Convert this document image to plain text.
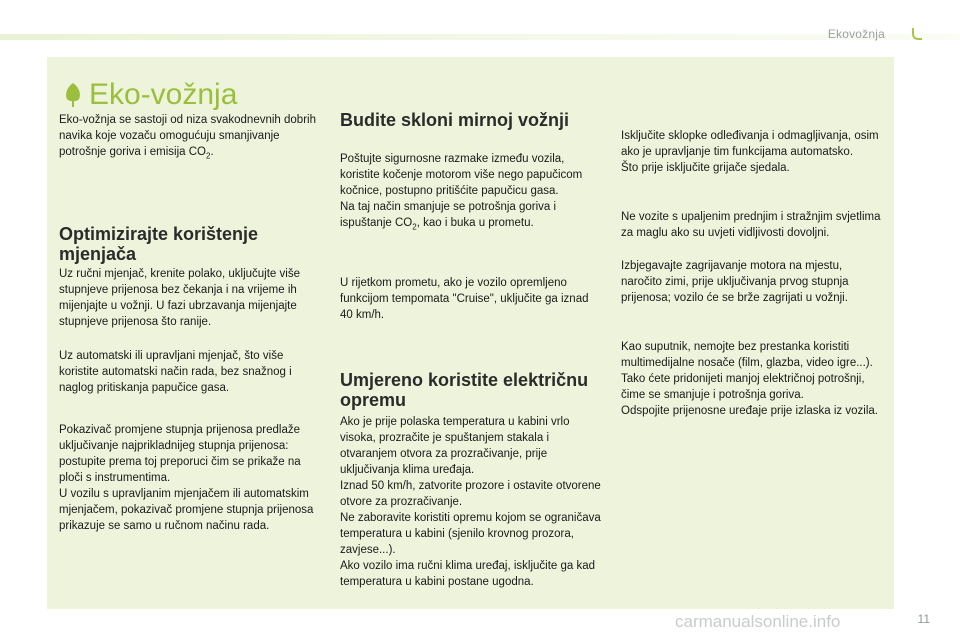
Ekovožnja
Eko-vožnja

Eko-vožnja se sastoji od niza svakodnevnih dobrih navika koje vozaču omogućuju smanjivanje potrošnje goriva i emisija $CO_2$.

Optimizirajte korištenje mjenjača

Uz ručni mjenjač, krenite polako, uključujte više stupnjeve prijenosa bez čekanja i na vrijeme ih mijenjajte u vožnji. U fazi ubrzavanja mijenjajte stupnjeve prijenosa što ranije.

Uz automatski ili upravljani mjenjač, što više koristite automatski način rada, bez snažnog i naglog pritiskanja papučice gasa.

Pokazivač promjene stupnja prijenosa predlaže uključivanje najprikladnijeg stupnja prijenosa: postupite prema toj preporuci čim se prikaže na ploči s instrumentima.

U vozilu s upravljanim mjenjačem ili automatskim mjenjačem, pokazivač promjene stupnja prijenosa prikazuje se samo u ručnom načinu rada.

Budite skloni mirnoj vožnji

Poštujte sigurnosne razmake između vozila, koristite kočenje motorom više nego papučicom kočnice, postupno pritišćite papučicu gasa.

Na taj način smanjuje se potrošnja goriva i ispuštanje $CO_2$, kao i buka u prometu.

U rijetkom prometu, ako je vozilo opremljeno funkcijom tempomata "Cruise", uključite ga iznad 40 km/h.

Umjereno koristite električnu opremu

Ako je prije polaska temperatura u kabini vrlo visoka, prozračite je spuštanjem stakala i otvaranjem otvora za prozračivanje, prije uključivanja klima uređaja.

Iznad 50 km/h, zatvorite prozore i ostavite otvorene otvore za prozračivanje.

Ne zaboravite koristiti opremu kojom se ograničava temperatura u kabini (sjenilo krovnog prozora, zavjese...).

Ako vozilo ima ručni klima uređaj, isključite ga kad temperatura u kabini postane ugodna.

Isključite sklopke odleđivanja i odmagljivanja, osim ako je upravljanje tim funkcijama automatsko.

Što prije isključite grijače sjedala.

Ne vozite s upaljenim prednjim i stražnjim svjetlima za maglu ako su uvjeti vidljivosti dovoljni.

Izbjegavajte zagrijavanje motora na mjestu, naročito zimi, prije uključivanja prvog stupnja prijenosa; vozilo će se brže zagrijati u vožnji.

Kao suputnik, nemojte bez prestanka koristiti multimedijalne nosače (film, glazba, video igre...). Tako ćete pridonijeti manjoj električnoj potrošnji, čime se smanjuje i potrošnja goriva.

Odspojite prijenosne uređaje prije izlaska iz vozila.

carmanualsonline.info	11
